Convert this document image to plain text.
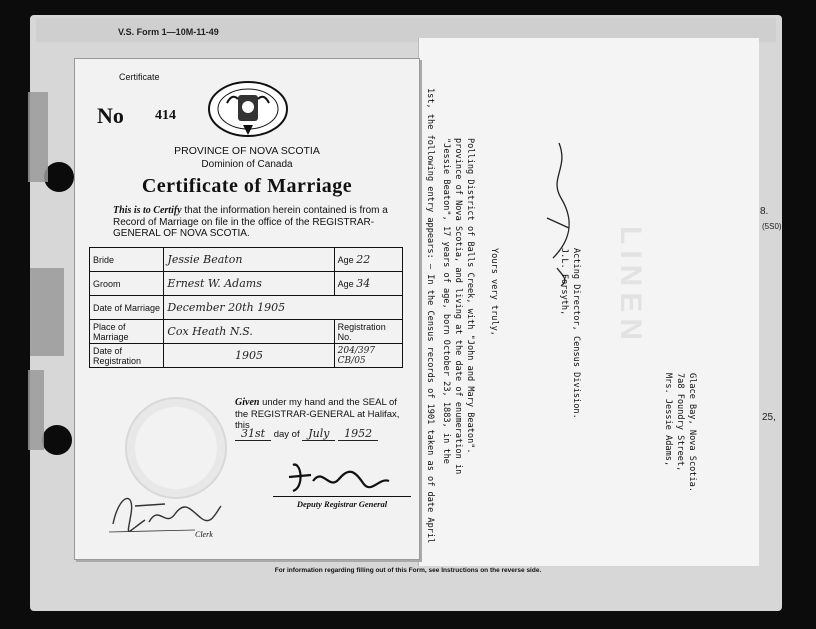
V.S. Form 1—10M-11-49
8.
(5S0)
25,
LINEN
1st, the following entry appears: — In the Census records of 1901 taken as of date April "Jessie Beaton", 17 years of age, born October 23, 1883, in the province of Nova Scotia, and living at the date of enumeration in Polling District of Balls Creek, with "John and Mary Beaton". Yours very truly,	J.L. Forsyth, Acting Director, Census Division.
Mrs. Jessie Adams, 7a8 Foundry Street, Glace Bay, Nova Scotia.
Certificate
No 414
PROVINCE OF NOVA SCOTIA
Dominion of Canada
Certificate of Marriage
This is to Certify that the information herein contained is from a Record of Marriage on file in the office of the REGISTRAR-GENERAL OF NOVA SCOTIA.
Bride	Jessie Beaton	Age 22
Groom	Ernest W. Adams	Age 34
Date of Marriage	December 20th 1905	
Place of Marriage	Cox Heath N.S.	Registration No.
Date of Registration	1905	204/397 CB/05
Given under my hand and the SEAL of the REGISTRAR-GENERAL at Halifax, this
31st day of July 1952
Deputy Registrar General
Clerk
For information regarding filling out of this Form, see Instructions on the reverse side.
